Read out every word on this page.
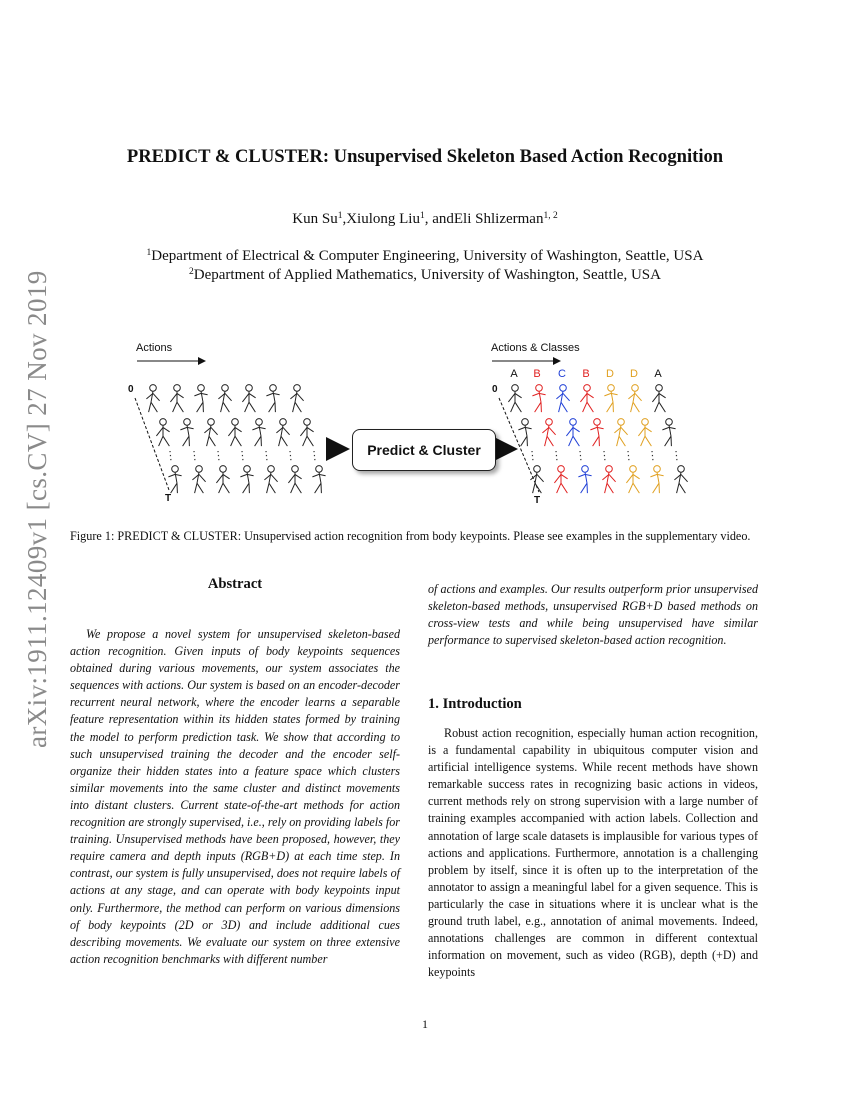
arXiv:1911.12409v1 [cs.CV] 27 Nov 2019
PREDICT & CLUSTER: Unsupervised Skeleton Based Action Recognition
Kun Su$^1$, Xiulong Liu$^1$, and Eli Shlizerman$^{1, 2}$
$^1$Department of Electrical & Computer Engineering, University of Washington, Seattle, USA
$^2$Department of Applied Mathematics, University of Washington, Seattle, USA
Actions	Actions & Classes
0
T
0
T
A	B	C	B	D D	A
Predict & Cluster
Figure 1: PREDICT & CLUSTER: Unsupervised action recognition from body keypoints. Please see examples in the supplementary video.
Abstract

We propose a novel system for unsupervised skeleton-based action recognition. Given inputs of body keypoints sequences obtained during various movements, our system associates the sequences with actions. Our system is based on an encoder-decoder recurrent neural network, where the encoder learns a separable feature representation within its hidden states formed by training the model to perform prediction task. We show that according to such unsupervised training the decoder and the encoder self-organize their hidden states into a feature space which clusters similar movements into the same cluster and distinct movements into distant clusters. Current state-of-the-art methods for action recognition are strongly supervised, i.e., rely on providing labels for training. Unsupervised methods have been proposed, however, they require camera and depth inputs (RGB+D) at each time step. In contrast, our system is fully unsupervised, does not require labels of actions at any stage, and can operate with body keypoints input only. Furthermore, the method can perform on various dimensions of body keypoints (2D or 3D) and include additional cues describing movements. We evaluate our system on three extensive action recognition benchmarks with different number

of actions and examples. Our results outperform prior unsupervised skeleton-based methods, unsupervised RGB+D based methods on cross-view tests and while being unsupervised have similar performance to supervised skeleton-based action recognition.

1. Introduction

Robust action recognition, especially human action recognition, is a fundamental capability in ubiquitous computer vision and artificial intelligence systems. While recent methods have shown remarkable success rates in recognizing basic actions in videos, current methods rely on strong supervision with a large number of training examples accompanied with action labels. Collection and annotation of large scale datasets is implausible for various types of actions and applications. Furthermore, annotation is a challenging problem by itself, since it is often up to the interpretation of the annotator to assign a meaningful label for a given sequence. This is particularly the case in situations where it is unclear what is the ground truth label, e.g., annotation of animal movements. Indeed, annotations challenges are common in different contextual information on movement, such as video (RGB), depth (+D) and keypoints

1
